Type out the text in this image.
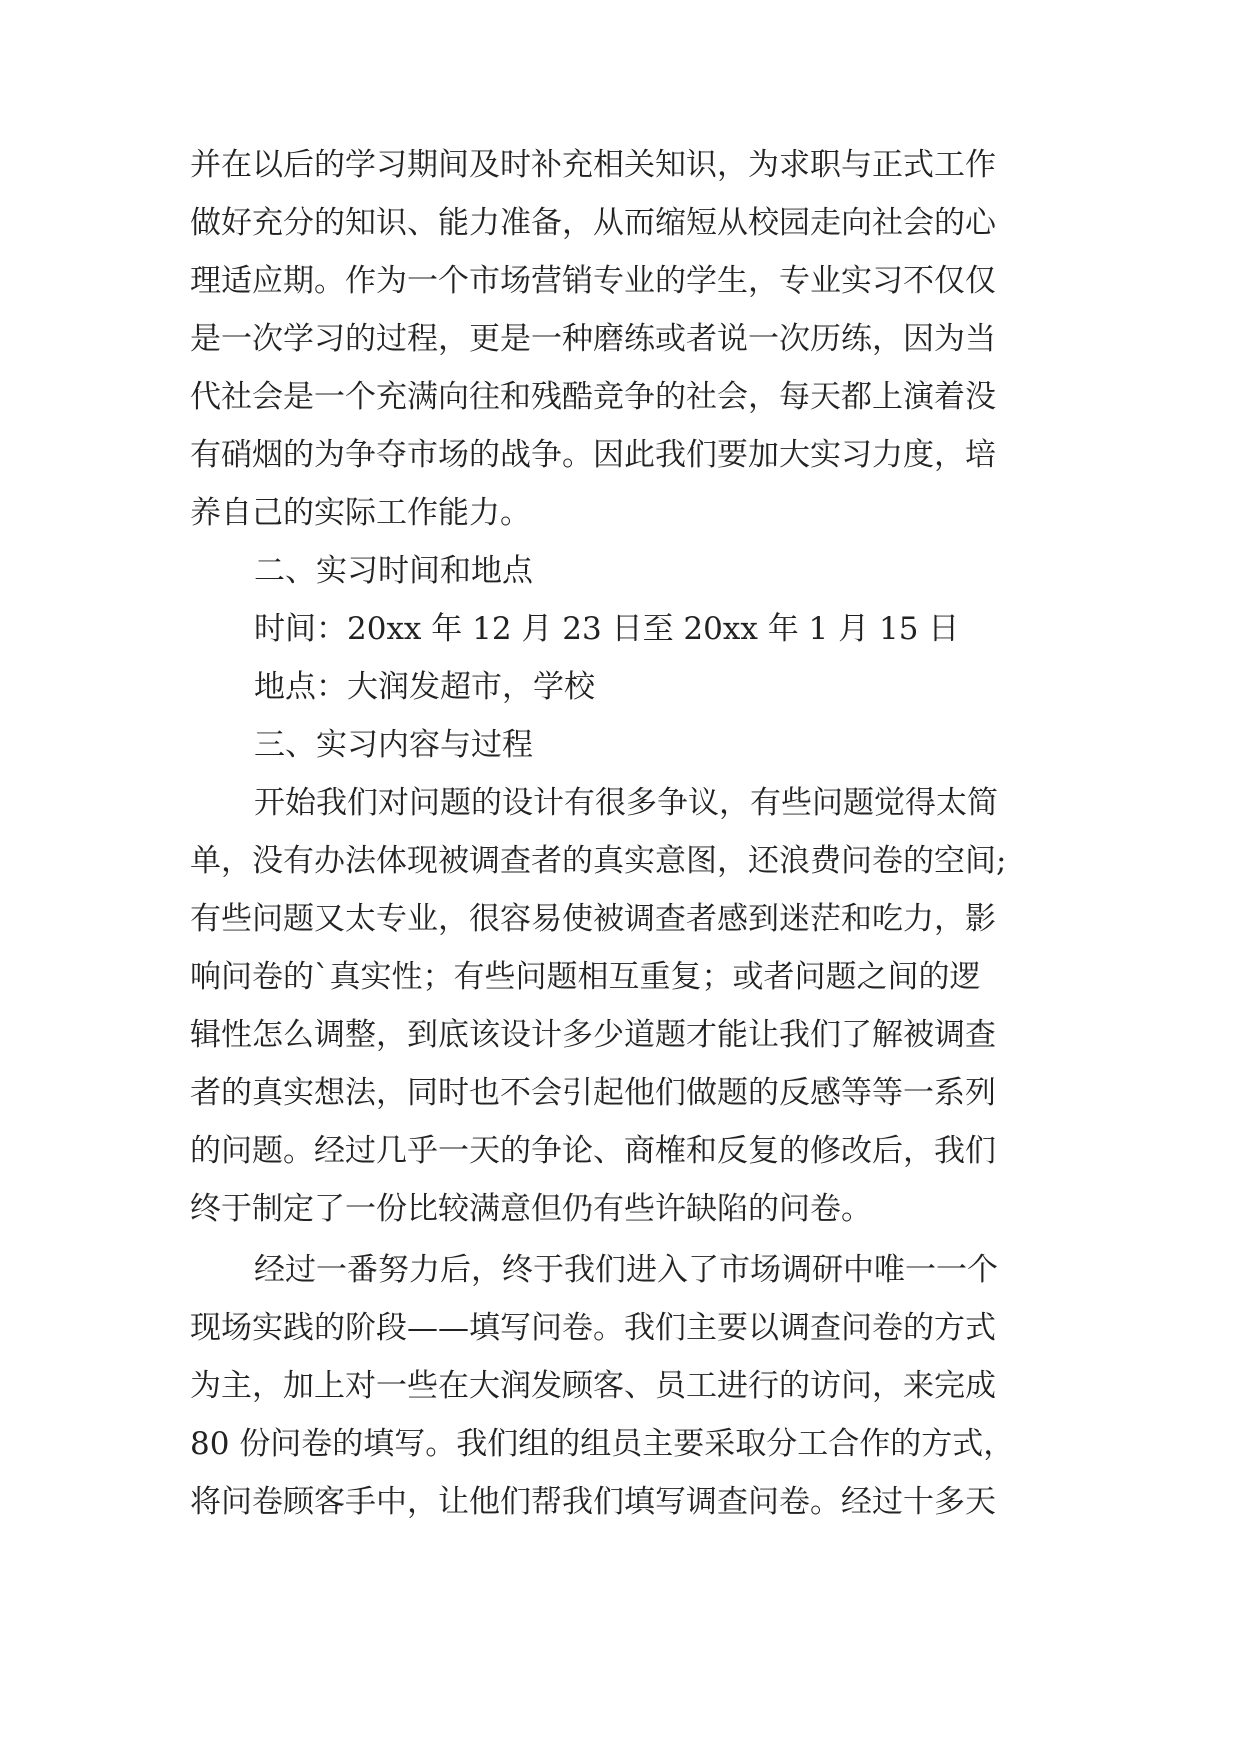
并在以后的学习期间及时补充相关知识，为求职与正式工作
做好充分的知识、能力准备，从而缩短从校园走向社会的心
理适应期。作为一个市场营销专业的学生，专业实习不仅仅
是一次学习的过程，更是一种磨练或者说一次历练，因为当
代社会是一个充满向往和残酷竞争的社会，每天都上演着没
有硝烟的为争夺市场的战争。因此我们要加大实习力度，培
养自己的实际工作能力。
二、实习时间和地点
时间：20xx 年 12 月 23 日至 20xx 年 1 月 15 日
地点：大润发超市，学校
三、实习内容与过程
开始我们对问题的设计有很多争议，有些问题觉得太简
单，没有办法体现被调查者的真实意图，还浪费问卷的空间;
有些问题又太专业，很容易使被调查者感到迷茫和吃力，影
响问卷的`真实性；有些问题相互重复；或者问题之间的逻
辑性怎么调整，到底该设计多少道题才能让我们了解被调查
者的真实想法，同时也不会引起他们做题的反感等等一系列
的问题。经过几乎一天的争论、商榷和反复的修改后，我们
终于制定了一份比较满意但仍有些许缺陷的问卷。
经过一番努力后，终于我们进入了市场调研中唯一一个
现场实践的阶段——填写问卷。我们主要以调查问卷的方式
为主，加上对一些在大润发顾客、员工进行的访问，来完成
80 份问卷的填写。我们组的组员主要采取分工合作的方式，
将问卷顾客手中，让他们帮我们填写调查问卷。经过十多天
